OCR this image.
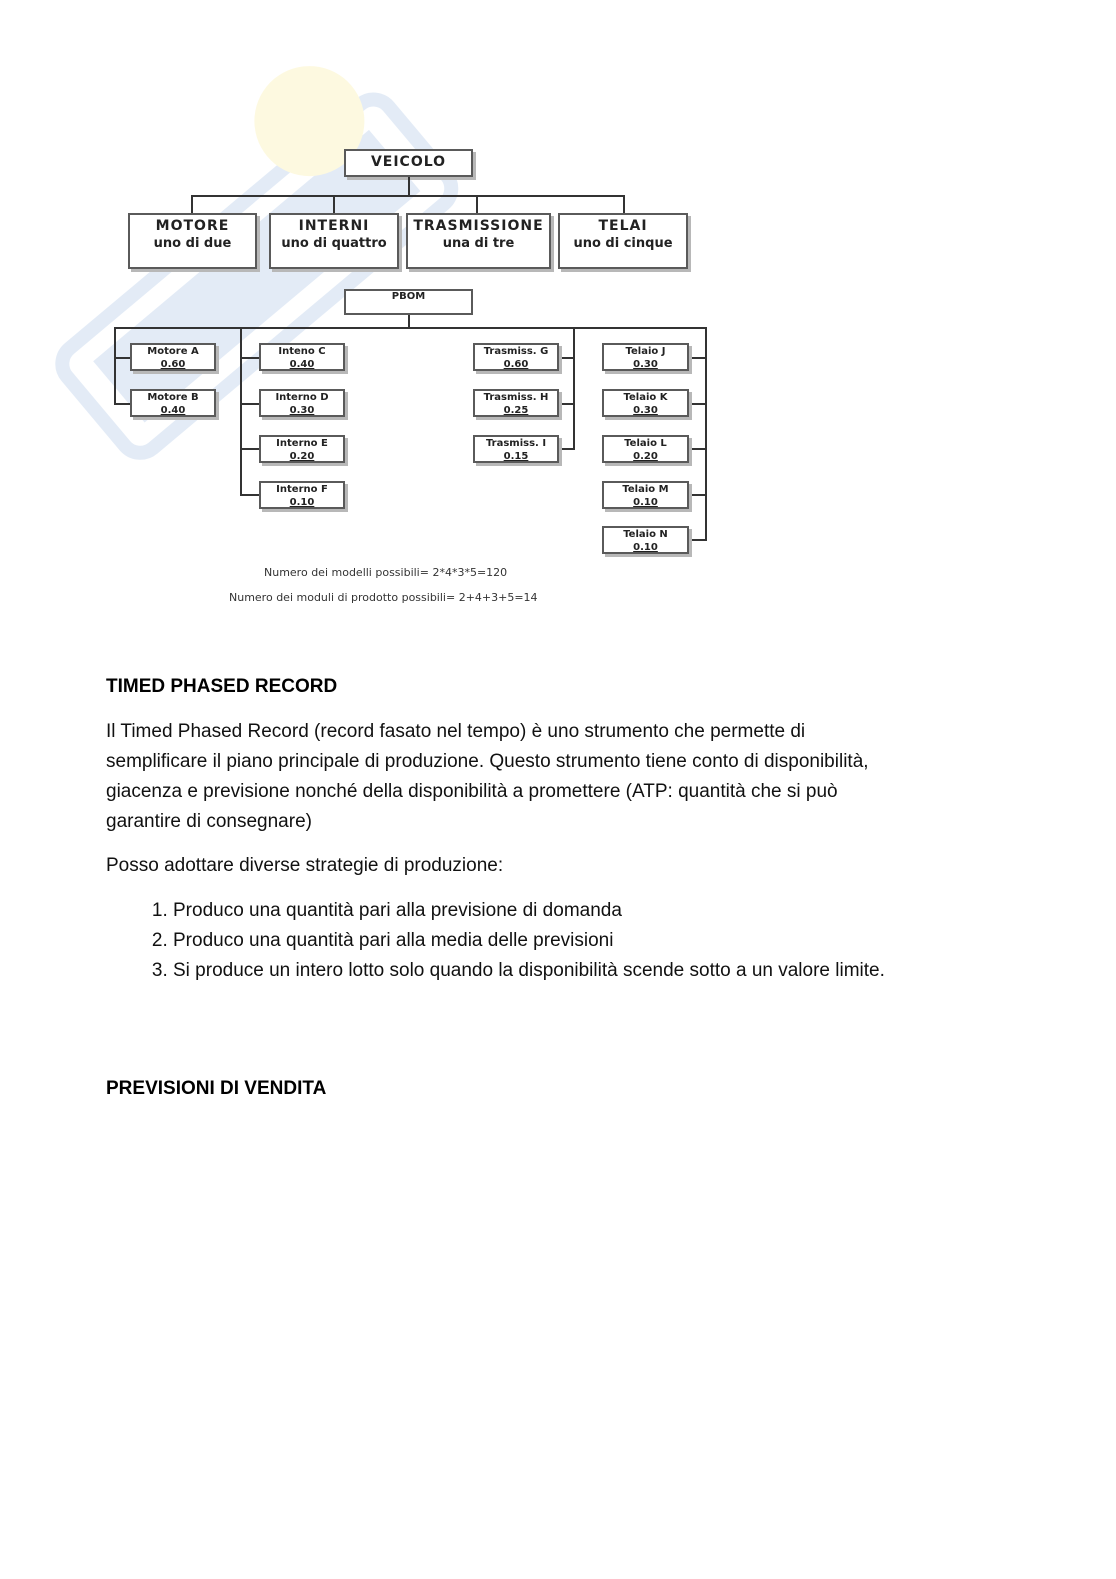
VEICOLO
MOTORE
uno di due
INTERNI
uno di quattro
TRASMISSIONE
una di tre
TELAI
uno di cinque
PBOM
Motore A
0.60
Motore B
0.40
Inteno C
0.40
Interno D
0.30
Interno E
0.20
Interno F
0.10
Trasmiss. G
0.60
Trasmiss. H
0.25
Trasmiss. I
0.15
Telaio J
0.30
Telaio K
0.30
Telaio L
0.20
Telaio M
0.10
Telaio N
0.10
Numero dei modelli possibili= 2*4*3*5=120
Numero dei moduli di prodotto possibili= 2+4+3+5=14
TIMED PHASED RECORD
Il Timed Phased Record (record fasato nel tempo) è uno strumento che permette di
semplificare il piano principale di produzione. Questo strumento tiene conto di disponibilità,
giacenza e previsione nonché della disponibilità a promettere (ATP: quantità che si può
garantire di consegnare)
Posso adottare diverse strategie di produzione:
1. Produco una quantità pari alla previsione di domanda
2. Produco una quantità pari alla media delle previsioni
3. Si produce un intero lotto solo quando la disponibilità scende sotto a un valore limite.
PREVISIONI DI VENDITA
